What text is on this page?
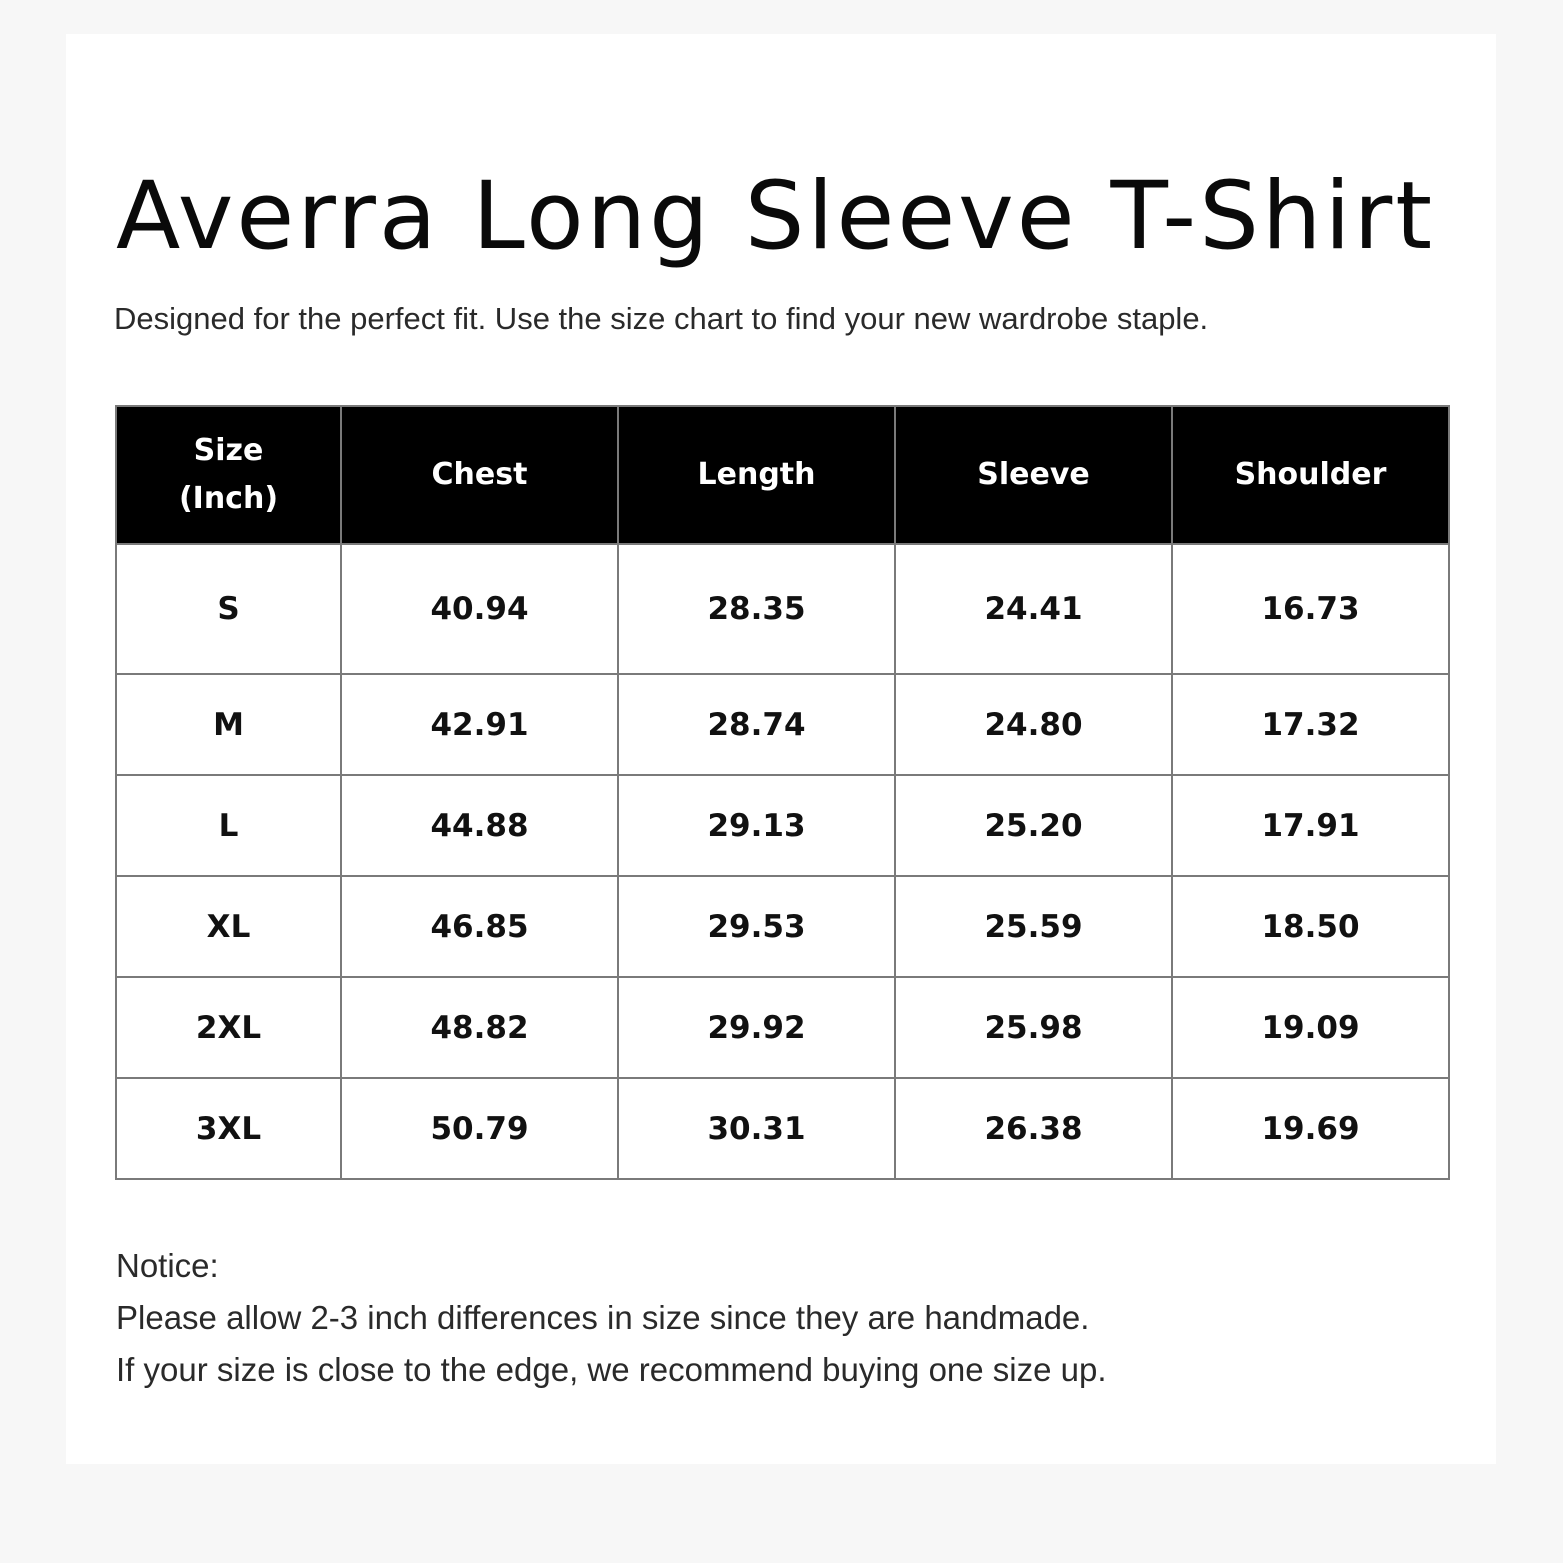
Averra Long Sleeve T-Shirt

Designed for the perfect fit. Use the size chart to find your new wardrobe staple.

Size
(Inch)	Chest	Length	Sleeve	Shoulder
S	40.94	28.35	24.41	16.73
M	42.91	28.74	24.80	17.32
L	44.88	29.13	25.20	17.91
XL	46.85	29.53	25.59	18.50
2XL	48.82	29.92	25.98	19.09
3XL	50.79	30.31	26.38	19.69
Notice:
Please allow 2-3 inch differences in size since they are handmade.
If your size is close to the edge, we recommend buying one size up.
